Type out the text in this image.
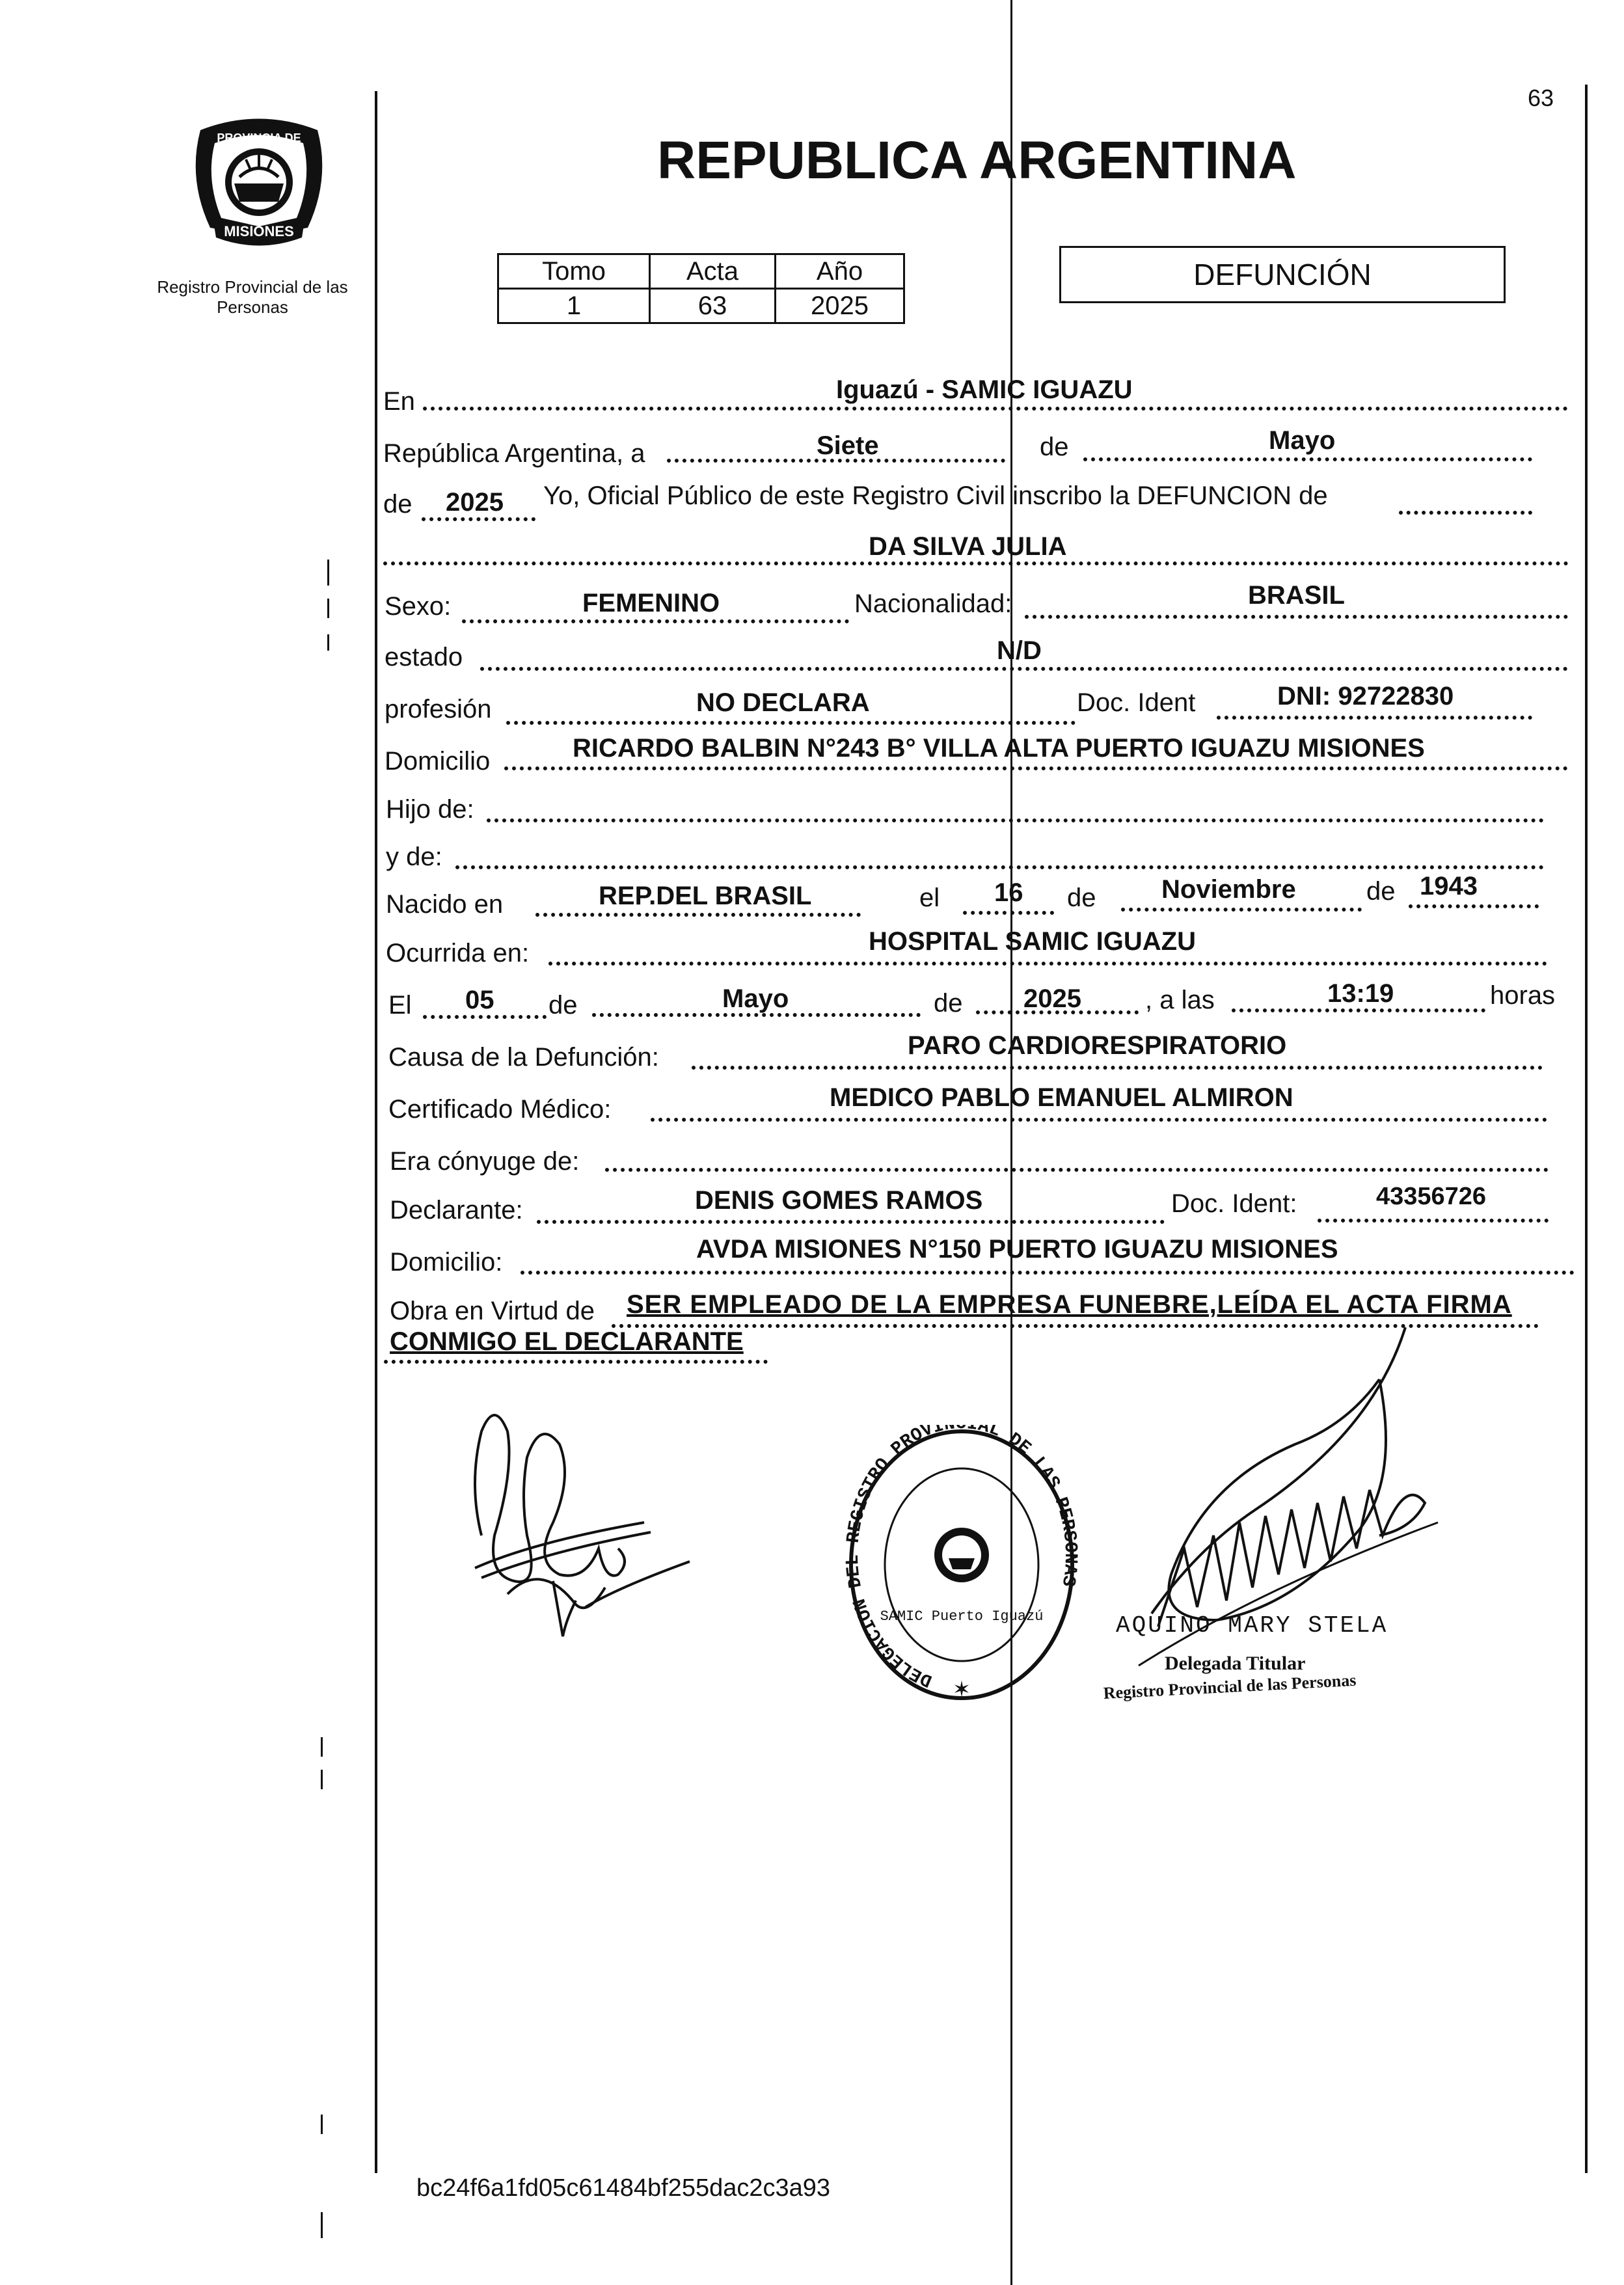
63
MISIONES
PROVINCIA DE
Registro Provincial de las Personas
REPUBLICA ARGENTINA
Tomo	Acta	Año
1	63	2025
DEFUNCIÓN
En	Iguazú - SAMIC IGUAZU
República Argentina, a	Siete	de	Mayo
de 2025 Yo, Oficial Público de este Registro Civil inscribo la DEFUNCION de
DA SILVA JULIA
Sexo:	FEMENINO	Nacionalidad:	BRASIL
estado	N/D
profesión	NO DECLARA	Doc. Ident	DNI: 92722830
Domicilio	RICARDO BALBIN N°243 B° VILLA ALTA PUERTO IGUAZU MISIONES
Hijo de:
y de:
Nacido en	REP.DEL BRASIL	el 16 de	Noviembre	de 1943
Ocurrida en:	HOSPITAL SAMIC IGUAZU
El 05 de	Mayo	de 2025 , a las	13:19	horas
Causa de la Defunción:	PARO CARDIORESPIRATORIO
Certificado Médico:	MEDICO PABLO EMANUEL ALMIRON
Era cónyuge de:
Declarante:	DENIS GOMES RAMOS	Doc. Ident:	43356726
Domicilio:	AVDA MISIONES N°150 PUERTO IGUAZU MISIONES
Obra en Virtud de SER EMPLEADO DE LA EMPRESA FUNEBRE,LEÍDA EL ACTA FIRMA
CONMIGO EL DECLARANTE
DELEGACION DEL REGISTRO PROVI AL DE LAS PERSONAS
SAMIC Puerto Iguazú
✶
AQUINO MARY STELA
Delegada Titular
Registro Provincial de las Personas
bc24f6a1fd05c61484bf255dac2c3a93
